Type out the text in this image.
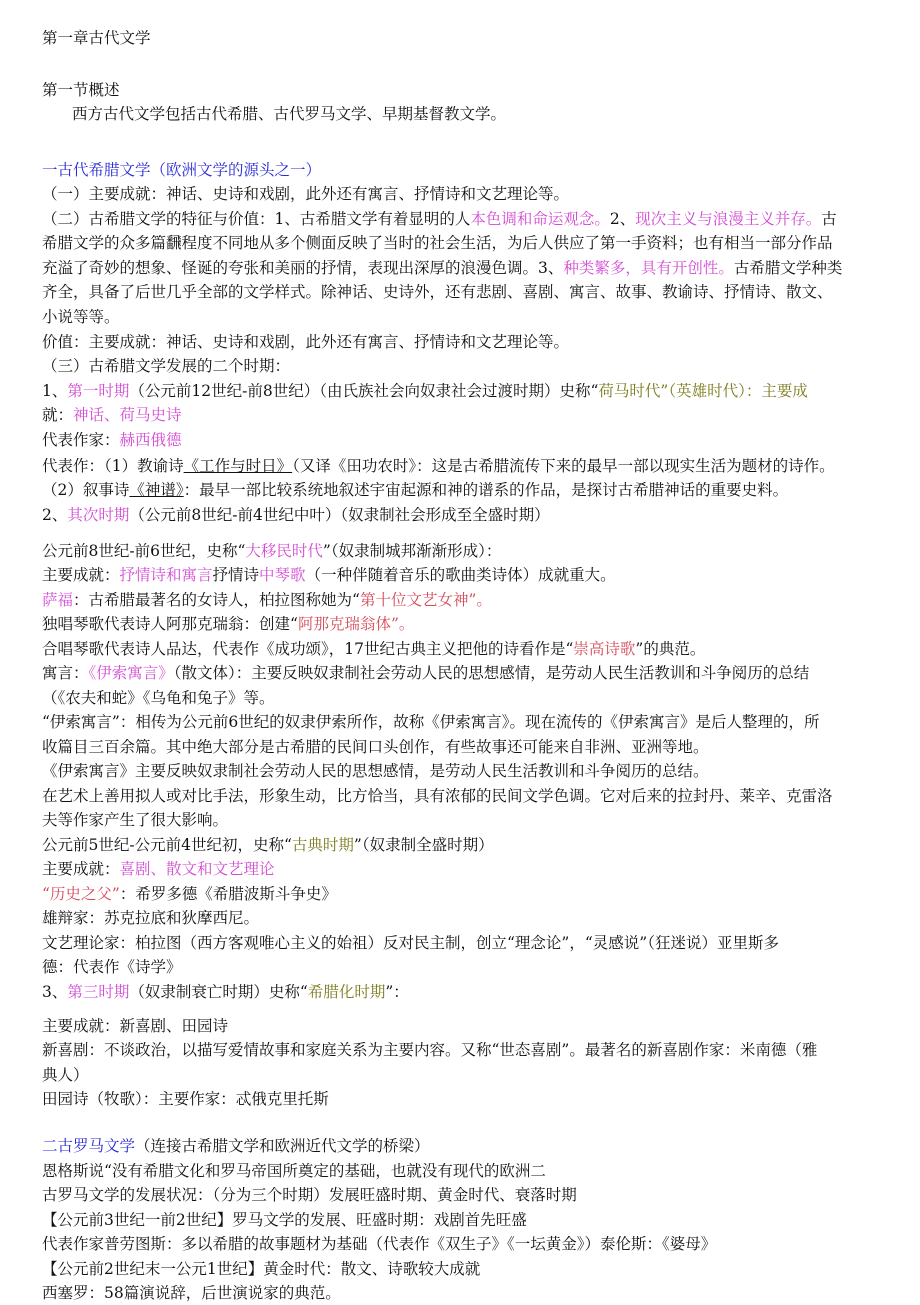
第一章古代文学
第一节概述
西方古代文学包括古代希腊、古代罗马文学、早期基督教文学。
一古代希腊文学（欧洲文学的源头之一）
（一）主要成就：神话、史诗和戏剧，此外还有寓言、抒情诗和文艺理论等。
（二）古希腊文学的特征与价值：1、古希腊文学有着显明的人本色调和命运观念。2、现次主义与浪漫主义并存。古
希腊文学的众多篇飜程度不同地从多个侧面反映了当时的社会生活，为后人供应了第一手资料；也有相当一部分作品
充溢了奇妙的想象、怪诞的夸张和美丽的抒情，表现出深厚的浪漫色调。3、种类繁多，具有开创性。古希腊文学种类
齐全，具备了后世几乎全部的文学样式。除神话、史诗外，还有悲剧、喜剧、寓言、故事、教谕诗、抒情诗、散文、
小说等等。
价值：主要成就：神话、史诗和戏剧，此外还有寓言、抒情诗和文艺理论等。
（三）古希腊文学发展的二个时期：
1、第一时期（公元前12世纪-前8世纪）（由氏族社会向奴隶社会过渡时期）史称“荷马时代”（英雄时代）：主要成
就：神话、荷马史诗
代表作家：赫西俄德
代表作：（1）教谕诗《工作与时日》（又译《田功农时》：这是古希腊流传下来的最早一部以现实生活为题材的诗作。
（2）叙事诗《神谱》：最早一部比较系统地叙述宇宙起源和神的谱系的作品，是探讨古希腊神话的重要史料。
2、其次时期（公元前8世纪-前4世纪中叶）（奴隶制社会形成至全盛时期）
公元前8世纪-前6世纪，史称“大移民时代”（奴隶制城邦渐渐形成）：
主要成就：抒情诗和寓言抒情诗中琴歌（一种伴随着音乐的歌曲类诗体）成就重大。
萨福：古希腊最著名的女诗人，柏拉图称她为“第十位文艺女神”。
独唱琴歌代表诗人阿那克瑞翁：创建“阿那克瑞翁体”。
合唱琴歌代表诗人品达，代表作《成功颂》，17世纪古典主义把他的诗看作是“崇高诗歌”的典范。
寓言：《伊索寓言》（散文体）：主要反映奴隶制社会劳动人民的思想感情，是劳动人民生活教训和斗争阅历的总结
（《农夫和蛇》《乌龟和兔子》等。
“伊索寓言”：相传为公元前6世纪的奴隶伊索所作，故称《伊索寓言》。现在流传的《伊索寓言》是后人整理的，所
收篇目三百余篇。其中绝大部分是古希腊的民间口头创作，有些故事还可能来自非洲、亚洲等地。
《伊索寓言》主要反映奴隶制社会劳动人民的思想感情，是劳动人民生活教训和斗争阅历的总结。
在艺术上善用拟人或对比手法，形象生动，比方恰当，具有浓郁的民间文学色调。它对后来的拉封丹、莱辛、克雷洛
夫等作家产生了很大影响。
公元前5世纪-公元前4世纪初，史称“古典时期”（奴隶制全盛时期）
主要成就：喜剧、散文和文艺理论
“历史之父”：希罗多德《希腊波斯斗争史》
雄辩家：苏克拉底和狄摩西尼。
文艺理论家：柏拉图（西方客观唯心主义的始祖）反对民主制，创立“理念论”，“灵感说”（狂迷说）亚里斯多
德：代表作《诗学》
3、第三时期（奴隶制衰亡时期）史称“希腊化时期”：
主要成就：新喜剧、田园诗
新喜剧：不谈政治，以描写爱情故事和家庭关系为主要内容。又称“世态喜剧”。最著名的新喜剧作家：米南德（雅
典人）
田园诗（牧歌）：主要作家：忒俄克里托斯
二古罗马文学（连接古希腊文学和欧洲近代文学的桥梁）
恩格斯说“没有希腊文化和罗马帝国所奠定的基础，也就没有现代的欧洲二
古罗马文学的发展状况：（分为三个时期）发展旺盛时期、黄金时代、衰落时期
【公元前3世纪一前2世纪】罗马文学的发展、旺盛时期：戏剧首先旺盛
代表作家普劳图斯：多以希腊的故事题材为基础（代表作《双生子》《一坛黄金》）泰伦斯：《婆母》
【公元前2世纪末一公元1世纪】黄金时代：散文、诗歌较大成就
西塞罗：58篇演说辞，后世演说家的典范。
